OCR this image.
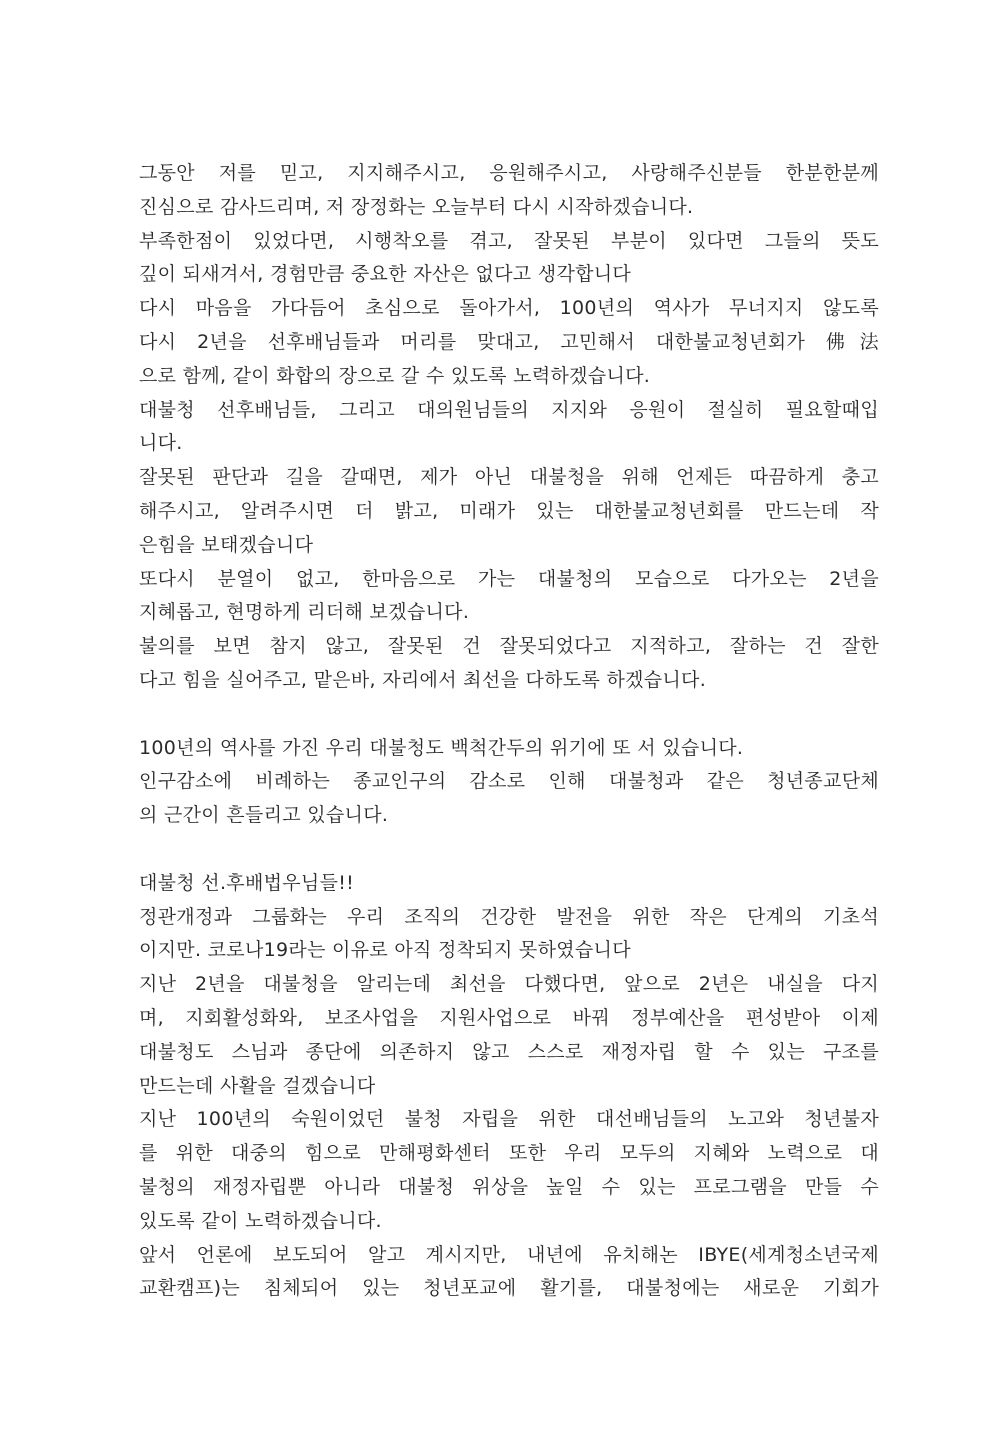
그동안 저를 믿고, 지지해주시고, 응원해주시고, 사랑해주신분들 한분한분께
진심으로 감사드리며, 저 장정화는 오늘부터 다시 시작하겠습니다.
부족한점이 있었다면, 시행착오를 겪고, 잘못된 부분이 있다면 그들의 뜻도
깊이 되새겨서, 경험만큼 중요한 자산은 없다고 생각합니다
다시 마음을 가다듬어 초심으로 돌아가서, 100년의 역사가 무너지지 않도록
다시 2년을 선후배님들과 머리를 맞대고, 고민해서 대한불교청년회가 佛法
으로 함께, 같이 화합의 장으로 갈 수 있도록 노력하겠습니다.
대불청 선후배님들, 그리고 대의원님들의 지지와 응원이 절실히 필요할때입
니다.
잘못된 판단과 길을 갈때면, 제가 아닌 대불청을 위해 언제든 따끔하게 충고
해주시고, 알려주시면 더 밝고, 미래가 있는 대한불교청년회를 만드는데 작
은힘을 보태겠습니다
또다시 분열이 없고, 한마음으로 가는 대불청의 모습으로 다가오는 2년을
지혜롭고, 현명하게 리더해 보겠습니다.
불의를 보면 참지 않고, 잘못된 건 잘못되었다고 지적하고, 잘하는 건 잘한
다고 힘을 실어주고, 맡은바, 자리에서 최선을 다하도록 하겠습니다.
100년의 역사를 가진 우리 대불청도 백척간두의 위기에 또 서 있습니다.
인구감소에 비례하는 종교인구의 감소로 인해 대불청과 같은 청년종교단체
의 근간이 흔들리고 있습니다.
대불청 선.후배법우님들!!
정관개정과 그룹화는 우리 조직의 건강한 발전을 위한 작은 단계의 기초석
이지만. 코로나19라는 이유로 아직 정착되지 못하였습니다
지난 2년을 대불청을 알리는데 최선을 다했다면, 앞으로 2년은 내실을 다지
며, 지회활성화와, 보조사업을 지원사업으로 바꿔 정부예산을 편성받아 이제
대불청도 스님과 종단에 의존하지 않고 스스로 재정자립 할 수 있는 구조를
만드는데 사활을 걸겠습니다
지난 100년의 숙원이었던 불청 자립을 위한 대선배님들의 노고와 청년불자
를 위한 대중의 힘으로 만해평화센터 또한 우리 모두의 지혜와 노력으로 대
불청의 재정자립뿐 아니라 대불청 위상을 높일 수 있는 프로그램을 만들 수
있도록 같이 노력하겠습니다.
앞서 언론에 보도되어 알고 계시지만, 내년에 유치해논 IBYE(세계청소년국제
교환캠프)는 침체되어 있는 청년포교에 활기를, 대불청에는 새로운 기회가
